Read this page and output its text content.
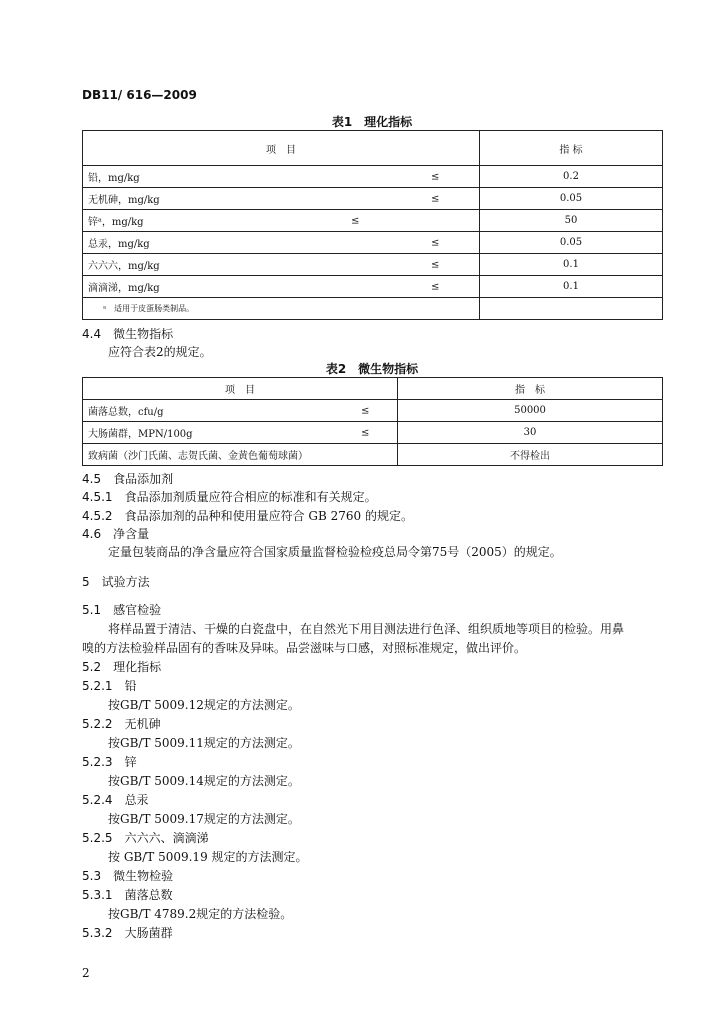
DB11/ 616—2009
表1　理化指标
项　目	指 标
铅，mg/kg ≤	0.2
无机砷，mg/kg ≤	0.05
锌ᵃ，mg/kg ≤	50
总汞，mg/kg ≤	0.05
六六六，mg/kg ≤	0.1
滴滴涕，mg/kg ≤	0.1
ᵃ　适用于皮蛋肠类制品。	
4.4　 微生物指标
应符合表2的规定。
表2　微生物指标
项　目	指　标
菌落总数，cfu/g ≤	50000
大肠菌群，MPN/100g ≤	30
致病菌（沙门氏菌、志贺氏菌、金黄色葡萄球菌）	不得检出
4.5　 食品添加剂
4.5.1　 食品添加剂质量应符合相应的标准和有关规定。
4.5.2　 食品添加剂的品种和使用量应符合 GB 2760 的规定。
4.6　 净含量
定量包装商品的净含量应符合国家质量监督检验检疫总局令第75号（2005）的规定。
5　 试验方法
5.1　 感官检验
将样品置于清洁、干燥的白瓷盘中，在自然光下用目测法进行色泽、组织质地等项目的检验。用鼻
嗅的方法检验样品固有的香味及异味。品尝滋味与口感，对照标准规定，做出评价。
5.2　 理化指标
5.2.1　 铅
按GB/T 5009.12规定的方法测定。
5.2.2　 无机砷
按GB/T 5009.11规定的方法测定。
5.2.3　 锌
按GB/T 5009.14规定的方法测定。
5.2.4　 总汞
按GB/T 5009.17规定的方法测定。
5.2.5　 六六六、滴滴涕
按 GB/T 5009.19 规定的方法测定。
5.3　 微生物检验
5.3.1　 菌落总数
按GB/T 4789.2规定的方法检验。
5.3.2　 大肠菌群
2
